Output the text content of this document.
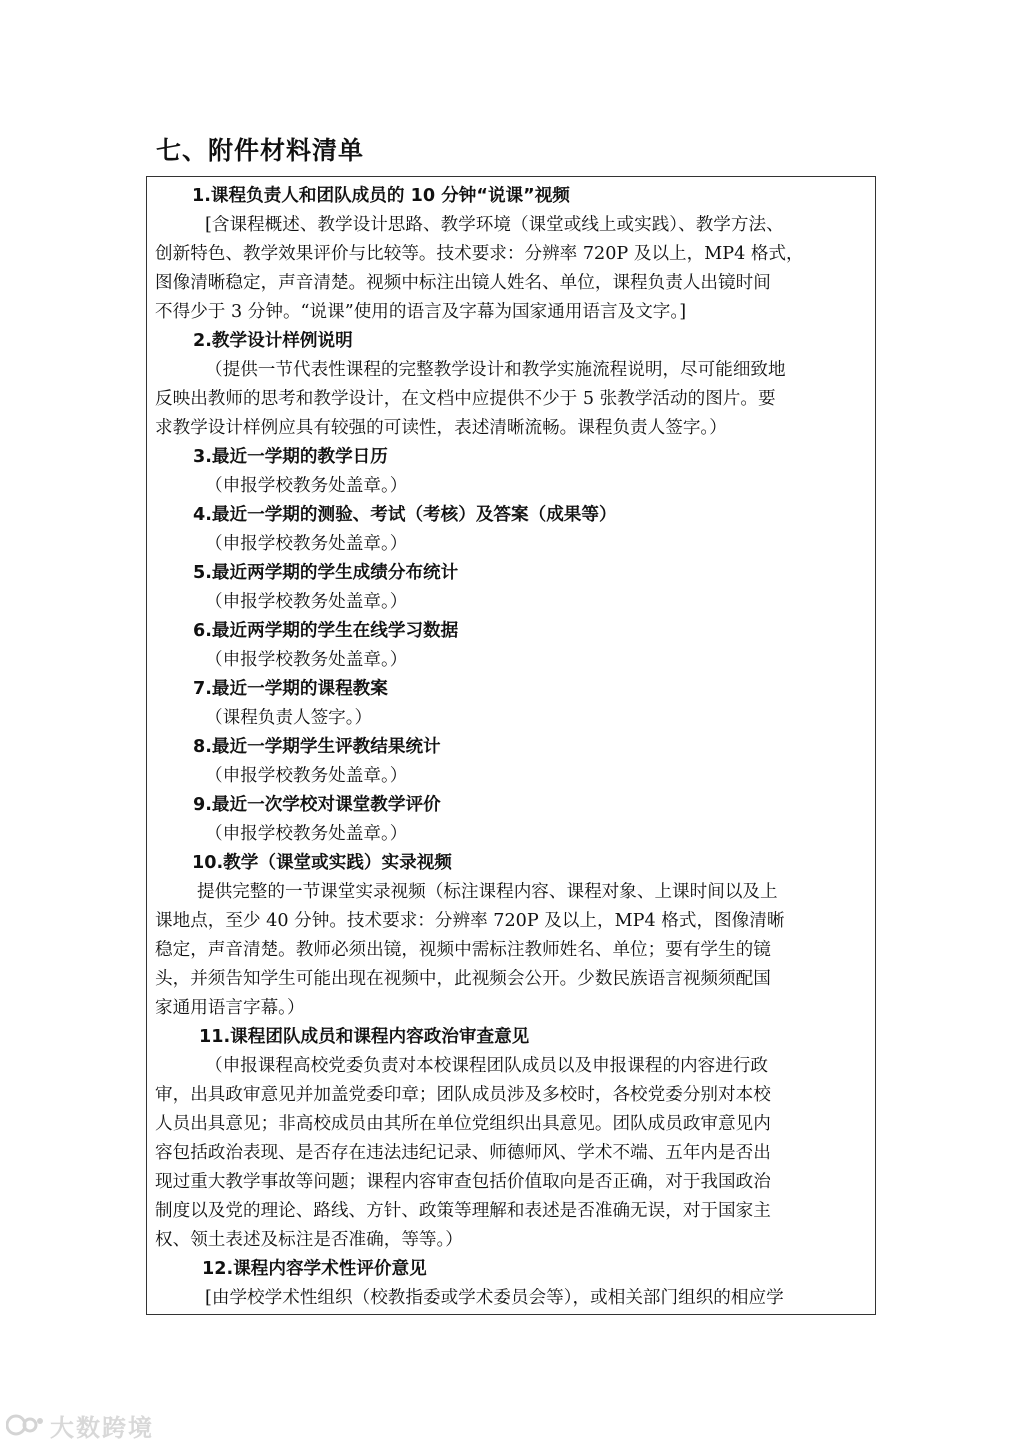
七、附件材料清单
1.课程负责人和团队成员的 10 分钟“说课”视频
[含课程概述、教学设计思路、教学环境（课堂或线上或实践）、教学方法、
创新特色、教学效果评价与比较等。技术要求：分辨率 720P 及以上，MP4 格式，
图像清晰稳定，声音清楚。视频中标注出镜人姓名、单位，课程负责人出镜时间
不得少于 3 分钟。“说课”使用的语言及字幕为国家通用语言及文字。]
2.教学设计样例说明
（提供一节代表性课程的完整教学设计和教学实施流程说明，尽可能细致地
反映出教师的思考和教学设计，在文档中应提供不少于 5 张教学活动的图片。要
求教学设计样例应具有较强的可读性，表述清晰流畅。课程负责人签字。）
3.最近一学期的教学日历
（申报学校教务处盖章。）
4.最近一学期的测验、考试（考核）及答案（成果等）
（申报学校教务处盖章。）
5.最近两学期的学生成绩分布统计
（申报学校教务处盖章。）
6.最近两学期的学生在线学习数据
（申报学校教务处盖章。）
7.最近一学期的课程教案
（课程负责人签字。）
8.最近一学期学生评教结果统计
（申报学校教务处盖章。）
9.最近一次学校对课堂教学评价
（申报学校教务处盖章。）
10.教学（课堂或实践）实录视频
提供完整的一节课堂实录视频（标注课程内容、课程对象、上课时间以及上
课地点，至少 40 分钟。技术要求：分辨率 720P 及以上，MP4 格式，图像清晰
稳定，声音清楚。教师必须出镜，视频中需标注教师姓名、单位；要有学生的镜
头，并须告知学生可能出现在视频中，此视频会公开。少数民族语言视频须配国
家通用语言字幕。）
11.课程团队成员和课程内容政治审查意见
（申报课程高校党委负责对本校课程团队成员以及申报课程的内容进行政
审，出具政审意见并加盖党委印章；团队成员涉及多校时，各校党委分别对本校
人员出具意见；非高校成员由其所在单位党组织出具意见。团队成员政审意见内
容包括政治表现、是否存在违法违纪记录、师德师风、学术不端、五年内是否出
现过重大教学事故等问题；课程内容审查包括价值取向是否正确，对于我国政治
制度以及党的理论、路线、方针、政策等理解和表述是否准确无误，对于国家主
权、领土表述及标注是否准确，等等。）
12.课程内容学术性评价意见
[由学校学术性组织（校教指委或学术委员会等），或相关部门组织的相应学
大数跨境
